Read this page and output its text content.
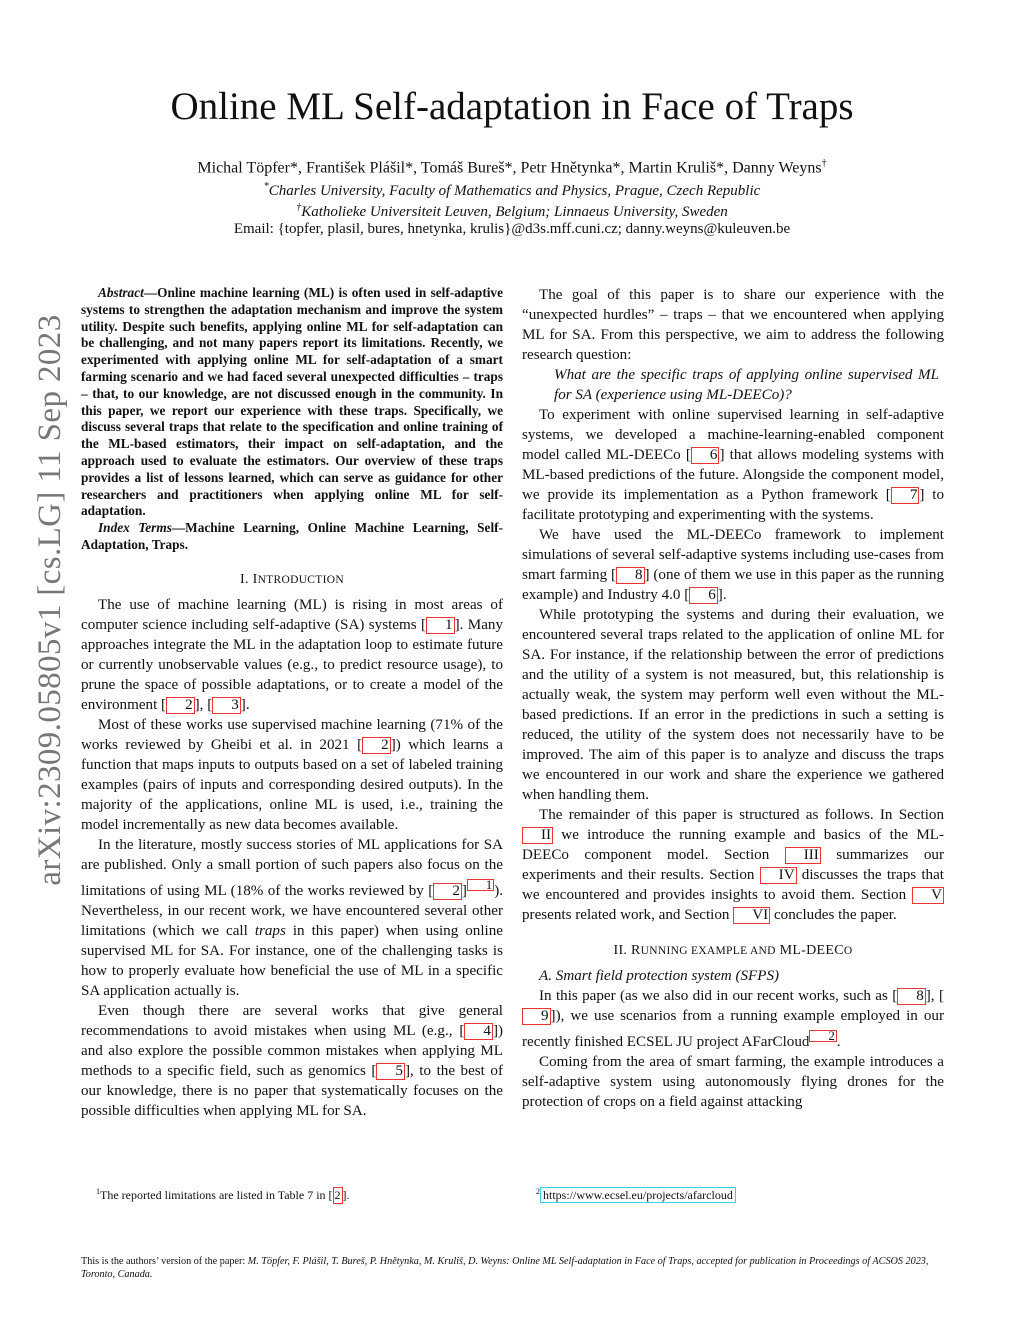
arXiv:2309.05805v1 [cs.LG] 11 Sep 2023
Online ML Self-adaptation in Face of Traps
Michal Töpfer*, František Plášil*, Tomáš Bureš*, Petr Hnětynka*, Martin Kruliš*, Danny Weyns†
*Charles University, Faculty of Mathematics and Physics, Prague, Czech Republic
†Katholieke Universiteit Leuven, Belgium; Linnaeus University, Sweden
Email: {topfer, plasil, bures, hnetynka, krulis}@d3s.mff.cuni.cz; danny.weyns@kuleuven.be

Abstract—Online machine learning (ML) is often used in self-adaptive systems to strengthen the adaptation mechanism and improve the system utility. Despite such benefits, applying online ML for self-adaptation can be challenging, and not many papers report its limitations. Recently, we experimented with applying online ML for self-adaptation of a smart farming scenario and we had faced several unexpected difficulties – traps – that, to our knowledge, are not discussed enough in the community. In this paper, we report our experience with these traps. Specifically, we discuss several traps that relate to the specification and online training of the ML-based estimators, their impact on self-adaptation, and the approach used to evaluate the estimators. Our overview of these traps provides a list of lessons learned, which can serve as guidance for other researchers and practitioners when applying online ML for self-adaptation.

Index Terms—Machine Learning, Online Machine Learning, Self-Adaptation, Traps.

I. INTRODUCTION

The use of machine learning (ML) is rising in most areas of computer science including self-adaptive (SA) systems [ 1 ]. Many approaches integrate the ML in the adaptation loop to estimate future or currently unobservable values (e.g., to predict resource usage), to prune the space of possible adaptations, or to create a model of the environment [ 2 ], [ 3 ].

Most of these works use supervised machine learning (71% of the works reviewed by Gheibi et al. in 2021 [ 2 ]) which learns a function that maps inputs to outputs based on a set of labeled training examples (pairs of inputs and corresponding desired outputs). In the majority of the applications, online ML is used, i.e., training the model incrementally as new data becomes available.

In the literature, mostly success stories of ML applications for SA are published. Only a small portion of such papers also focus on the limitations of using ML (18% of the works reviewed by [ 2 ] $^1$ ). Nevertheless, in our recent work, we have encountered several other limitations (which we call traps in this paper) when using online supervised ML for SA. For instance, one of the challenging tasks is how to properly evaluate how beneficial the use of ML in a specific SA application actually is.

Even though there are several works that give general recommendations to avoid mistakes when using ML (e.g., [ 4 ]) and also explore the possible common mistakes when applying ML methods to a specific field, such as genomics [ 5 ], to the best of our knowledge, there is no paper that systematically focuses on the possible difficulties when applying ML for SA.

The goal of this paper is to share our experience with the “unexpected hurdles” – traps – that we encountered when applying ML for SA. From this perspective, we aim to address the following research question:

What are the specific traps of applying online supervised ML for SA (experience using ML-DEECo)?

To experiment with online supervised learning in self-adaptive systems, we developed a machine-learning-enabled component model called ML-DEECo [ 6 ] that allows modeling systems with ML-based predictions of the future. Alongside the component model, we provide its implementation as a Python framework [ 7 ] to facilitate prototyping and experimenting with the systems.

We have used the ML-DEECo framework to implement simulations of several self-adaptive systems including use-cases from smart farming [ 8 ] (one of them we use in this paper as the running example) and Industry 4.0 [ 6 ].

While prototyping the systems and during their evaluation, we encountered several traps related to the application of online ML for SA. For instance, if the relationship between the error of predictions and the utility of a system is not measured, but, this relationship is actually weak, the system may perform well even without the ML-based predictions. If an error in the predictions in such a setting is reduced, the utility of the system does not necessarily have to be improved. The aim of this paper is to analyze and discuss the traps we encountered in our work and share the experience we gathered when handling them.

The remainder of this paper is structured as follows. In Section II we introduce the running example and basics of the ML-DEECo component model. Section III summarizes our experiments and their results. Section IV discusses the traps that we encountered and provides insights to avoid them. Section V presents related work, and Section VI concludes the paper.

II. RUNNING EXAMPLE AND ML-DEECO

A. Smart field protection system (SFPS)

In this paper (as we also did in our recent works, such as [ 8 ], [9 ]), we use scenarios from a running example employed in our recently finished ECSEL JU project AFarCloud $^2$ .

Coming from the area of smart farming, the example introduces a self-adaptive system using autonomously flying drones for the protection of crops on a field against attacking

$^1$The reported limitations are listed in Table 7 in [ 2 ].	$^2$ https://www.ecsel.eu/projects/afarcloud
This is the authors’ version of the paper: M. Töpfer, F. Plášil, T. Bureš, P. Hnětynka, M. Kruliš, D. Weyns: Online ML Self-adaptation in Face of Traps, accepted for publication in Proceedings of ACSOS 2023, Toronto, Canada.
